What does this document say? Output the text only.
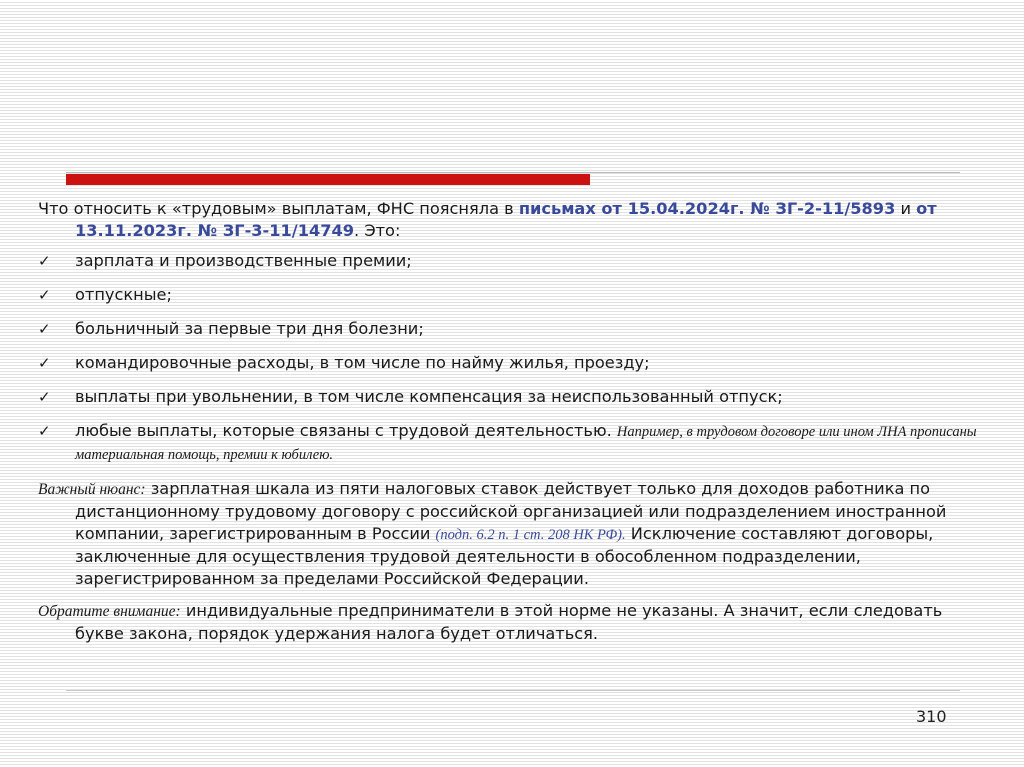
Что относить к «трудовым» выплатам, ФНС поясняла в письмах от 15.04.2024г. № ЗГ-2-11/5893 и от 13.11.2023г. № ЗГ-3-11/14749. Это:

✓ зарплата и производственные премии;
✓ отпускные;
✓ больничный за первые три дня болезни;
✓ командировочные расходы, в том числе по найму жилья, проезду;
✓ выплаты при увольнении, в том числе компенсация за неиспользованный отпуск;
✓ любые выплаты, которые связаны с трудовой деятельностью. Например, в трудовом договоре или ином ЛНА прописаны материальная помощь, премии к юбилею.

Важный нюанс: зарплатная шкала из пяти налоговых ставок действует только для доходов работника по дистанционному трудовому договору с российской организацией или подразделением иностранной компании, зарегистрированным в России (подп. 6.2 п. 1 ст. 208 НК РФ). Исключение составляют договоры, заключенные для осуществления трудовой деятельности в обособленном подразделении, зарегистрированном за пределами Российской Федерации.

Обратите внимание: индивидуальные предприниматели в этой норме не указаны. А значит, если следовать букве закона, порядок удержания налога будет отличаться.

310
